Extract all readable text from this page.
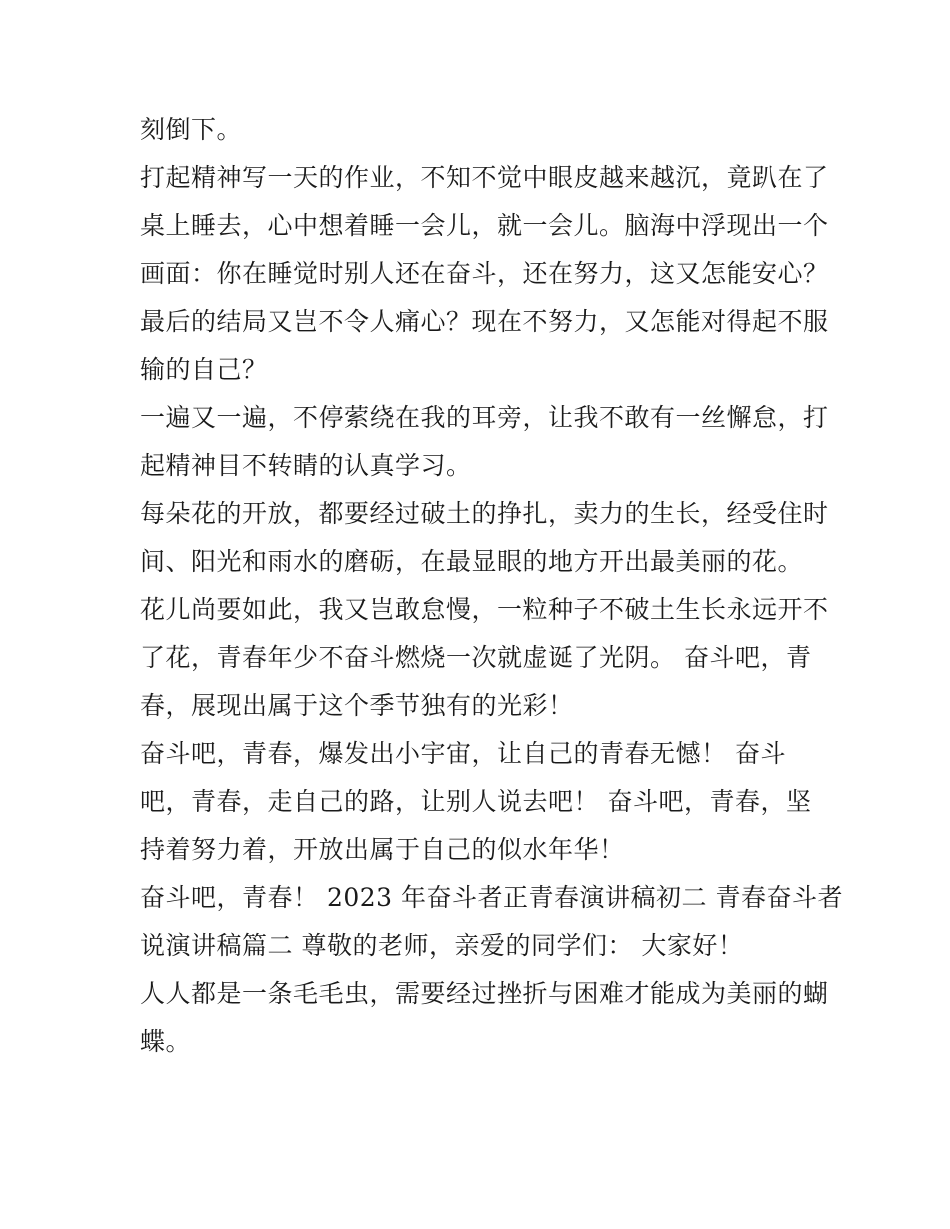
刻倒下。
打起精神写一天的作业，不知不觉中眼皮越来越沉，竟趴在了
桌上睡去，心中想着睡一会儿，就一会儿。脑海中浮现出一个
画面：你在睡觉时别人还在奋斗，还在努力，这又怎能安心？
最后的结局又岂不令人痛心？现在不努力，又怎能对得起不服
输的自己？
一遍又一遍，不停萦绕在我的耳旁，让我不敢有一丝懈怠，打
起精神目不转睛的认真学习。
每朵花的开放，都要经过破土的挣扎，卖力的生长，经受住时
间、阳光和雨水的磨砺，在最显眼的地方开出最美丽的花。
花儿尚要如此，我又岂敢怠慢，一粒种子不破土生长永远开不
了花，青春年少不奋斗燃烧一次就虚诞了光阴。 奋斗吧，青
春，展现出属于这个季节独有的光彩！
奋斗吧，青春，爆发出小宇宙，让自己的青春无憾！ 奋斗
吧，青春，走自己的路，让别人说去吧！ 奋斗吧，青春，坚
持着努力着，开放出属于自己的似水年华！
奋斗吧，青春！ 2023 年奋斗者正青春演讲稿初二 青春奋斗者
说演讲稿篇二 尊敬的老师，亲爱的同学们： 大家好！
人人都是一条毛毛虫，需要经过挫折与困难才能成为美丽的蝴
蝶。
